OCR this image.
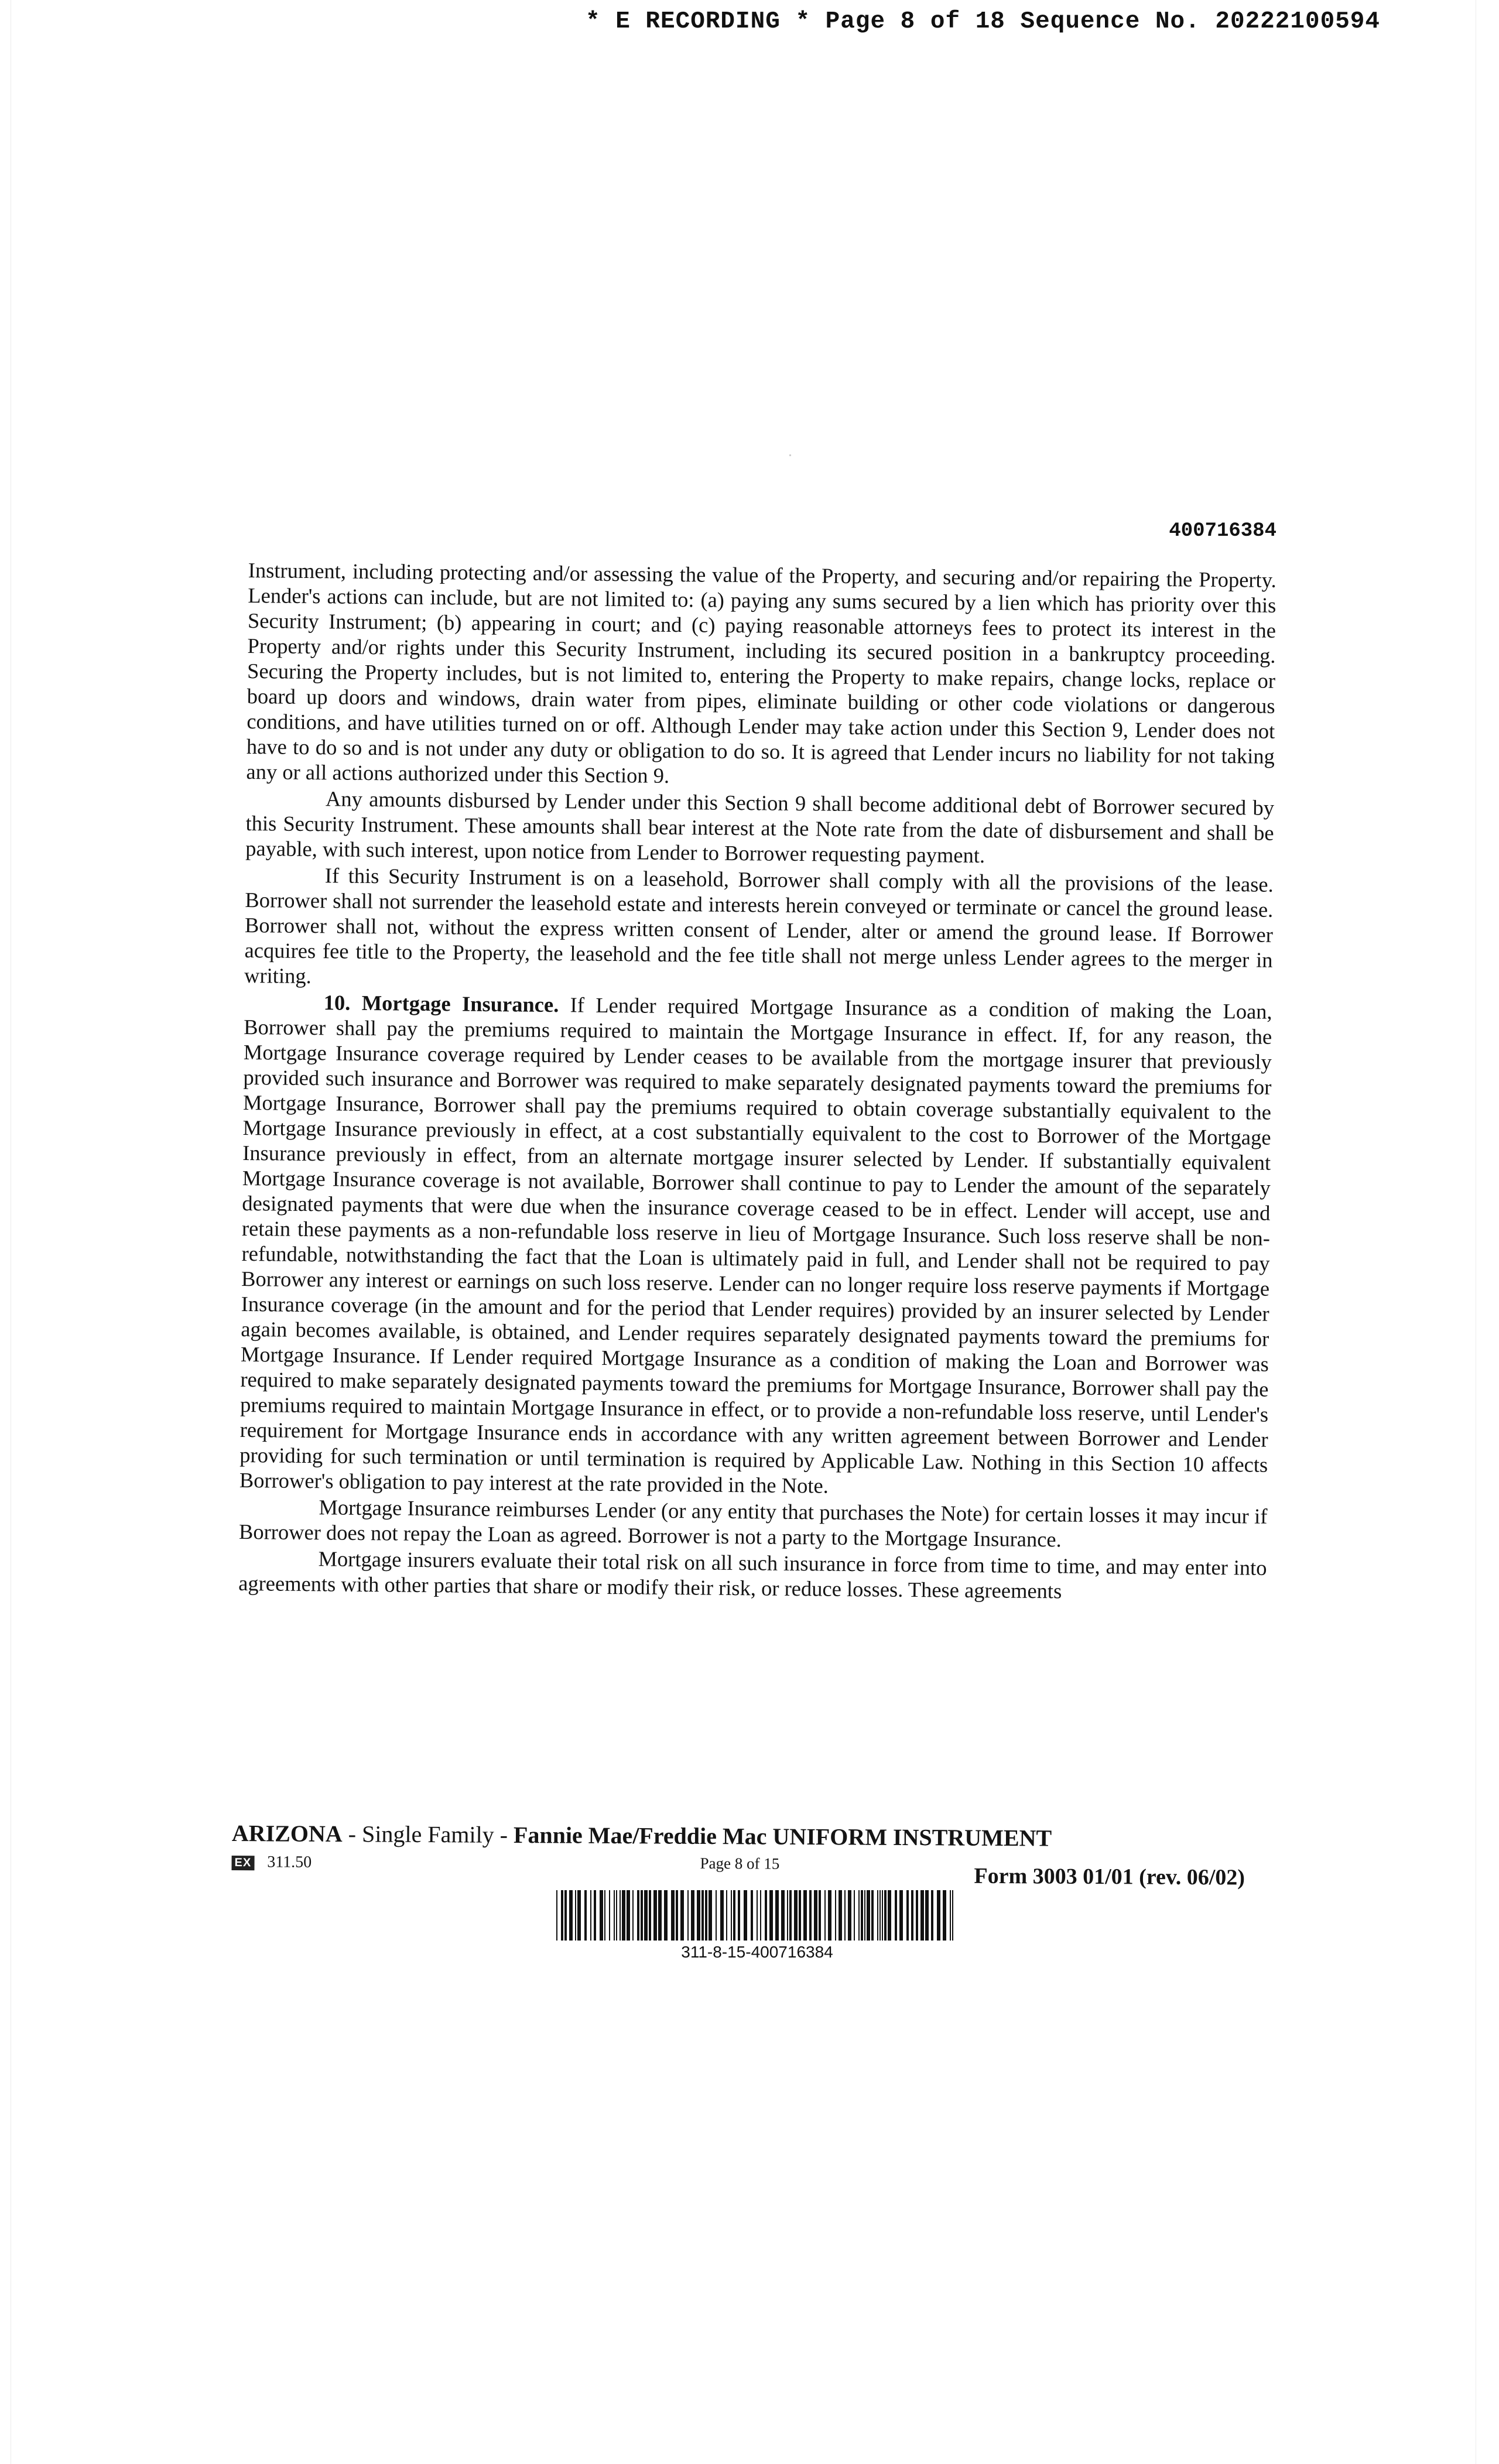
* E RECORDING * Page 8 of 18 Sequence No. 20222100594
400716384

Instrument, including protecting and/or assessing the value of the Property, and securing and/or repairing the Property. Lender's actions can include, but are not limited to: (a) paying any sums secured by a lien which has priority over this Security Instrument; (b) appearing in court; and (c) paying reasonable attorneys fees to protect its interest in the Property and/or rights under this Security Instrument, including its secured position in a bankruptcy proceeding. Securing the Property includes, but is not limited to, entering the Property to make repairs, change locks, replace or board up doors and windows, drain water from pipes, eliminate building or other code violations or dangerous conditions, and have utilities turned on or off. Although Lender may take action under this Section 9, Lender does not have to do so and is not under any duty or obligation to do so. It is agreed that Lender incurs no liability for not taking any or all actions authorized under this Section 9.

Any amounts disbursed by Lender under this Section 9 shall become additional debt of Borrower secured by this Security Instrument. These amounts shall bear interest at the Note rate from the date of disbursement and shall be payable, with such interest, upon notice from Lender to Borrower requesting payment.

If this Security Instrument is on a leasehold, Borrower shall comply with all the provisions of the lease. Borrower shall not surrender the leasehold estate and interests herein conveyed or terminate or cancel the ground lease. Borrower shall not, without the express written consent of Lender, alter or amend the ground lease. If Borrower acquires fee title to the Property, the leasehold and the fee title shall not merge unless Lender agrees to the merger in writing.

10. Mortgage Insurance. If Lender required Mortgage Insurance as a condition of making the Loan, Borrower shall pay the premiums required to maintain the Mortgage Insurance in effect. If, for any reason, the Mortgage Insurance coverage required by Lender ceases to be available from the mortgage insurer that previously provided such insurance and Borrower was required to make separately designated payments toward the premiums for Mortgage Insurance, Borrower shall pay the premiums required to obtain coverage substantially equivalent to the Mortgage Insurance previously in effect, at a cost substantially equivalent to the cost to Borrower of the Mortgage Insurance previously in effect, from an alternate mortgage insurer selected by Lender. If substantially equivalent Mortgage Insurance coverage is not available, Borrower shall continue to pay to Lender the amount of the separately designated payments that were due when the insurance coverage ceased to be in effect. Lender will accept, use and retain these payments as a non-refundable loss reserve in lieu of Mortgage Insurance. Such loss reserve shall be non-refundable, notwithstanding the fact that the Loan is ultimately paid in full, and Lender shall not be required to pay Borrower any interest or earnings on such loss reserve. Lender can no longer require loss reserve payments if Mortgage Insurance coverage (in the amount and for the period that Lender requires) provided by an insurer selected by Lender again becomes available, is obtained, and Lender requires separately designated payments toward the premiums for Mortgage Insurance. If Lender required Mortgage Insurance as a condition of making the Loan and Borrower was required to make separately designated payments toward the premiums for Mortgage Insurance, Borrower shall pay the premiums required to maintain Mortgage Insurance in effect, or to provide a non-refundable loss reserve, until Lender's requirement for Mortgage Insurance ends in accordance with any written agreement between Borrower and Lender providing for such termination or until termination is required by Applicable Law. Nothing in this Section 10 affects Borrower's obligation to pay interest at the rate provided in the Note.

Mortgage Insurance reimburses Lender (or any entity that purchases the Note) for certain losses it may incur if Borrower does not repay the Loan as agreed. Borrower is not a party to the Mortgage Insurance.

Mortgage insurers evaluate their total risk on all such insurance in force from time to time, and may enter into agreements with other parties that share or modify their risk, or reduce losses. These agreements

ARIZONA - Single Family - Fannie Mae/Freddie Mac UNIFORM INSTRUMENT
EX 311.50	Page 8 of 15
Form 3003 01/01 (rev. 06/02)
311-8-15-400716384
